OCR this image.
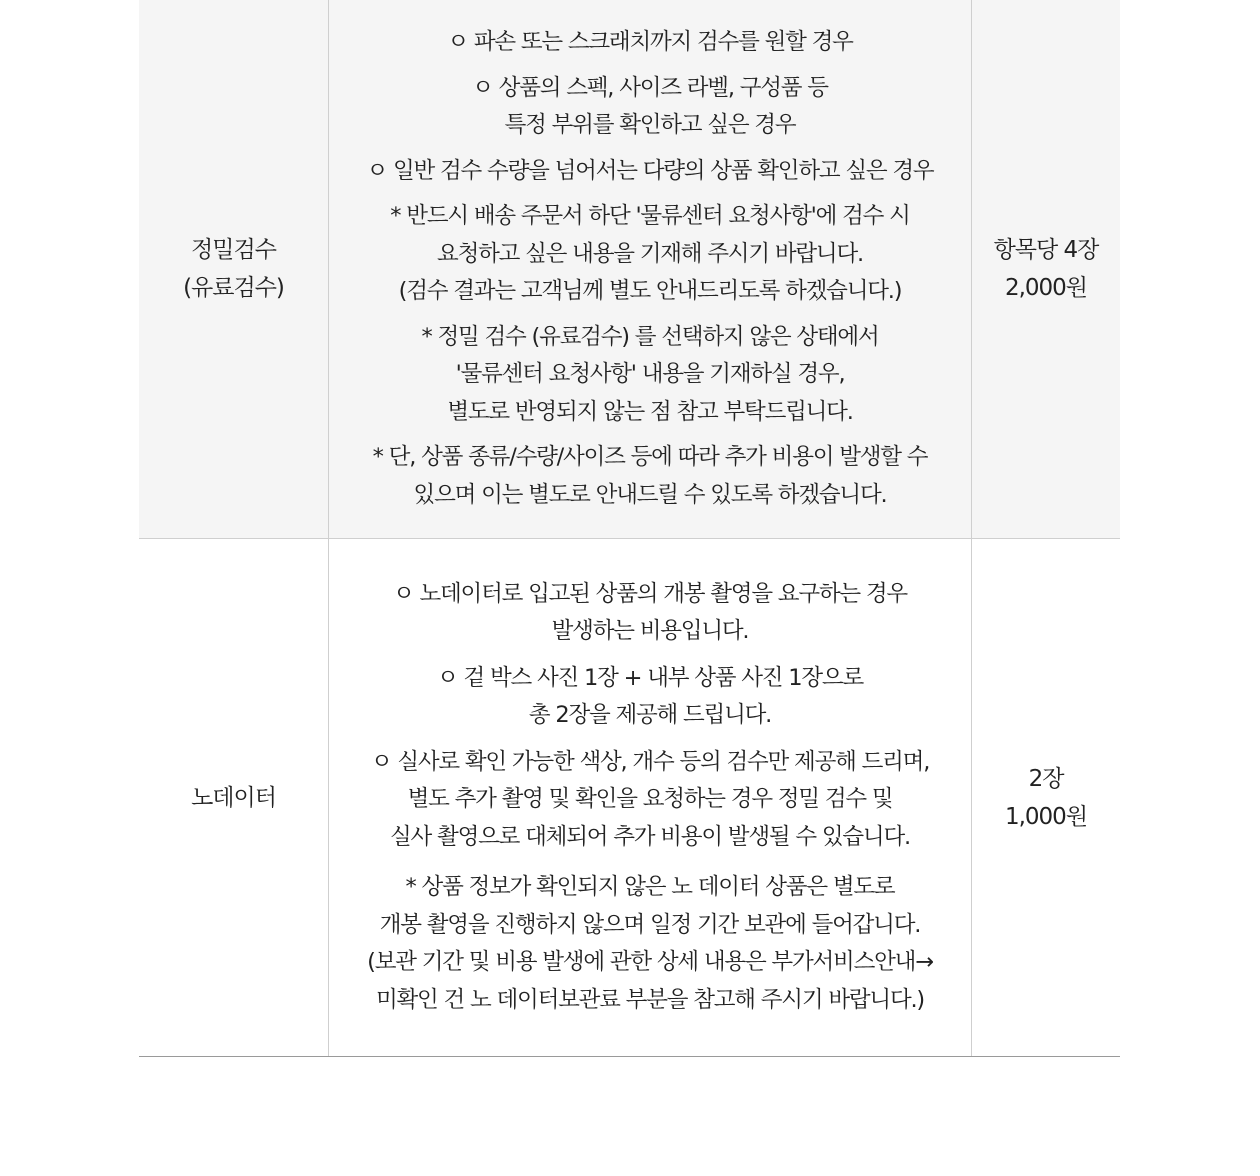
정밀검수
(유료검수)

ㅇ 파손 또는 스크래치까지 검수를 원할 경우

ㅇ 상품의 스펙, 사이즈 라벨, 구성품 등
특정 부위를 확인하고 싶은 경우

ㅇ 일반 검수 수량을 넘어서는 다량의 상품 확인하고 싶은 경우

* 반드시 배송 주문서 하단 '물류센터 요청사항'에 검수 시
요청하고 싶은 내용을 기재해 주시기 바랍니다.
(검수 결과는 고객님께 별도 안내드리도록 하겠습니다.)

* 정밀 검수 (유료검수) 를 선택하지 않은 상태에서
'물류센터 요청사항' 내용을 기재하실 경우,
별도로 반영되지 않는 점 참고 부탁드립니다.

* 단, 상품 종류/수량/사이즈 등에 따라 추가 비용이 발생할 수
있으며 이는 별도로 안내드릴 수 있도록 하겠습니다.

항목당 4장
2,000원
노데이터

ㅇ 노데이터로 입고된 상품의 개봉 촬영을 요구하는 경우
발생하는 비용입니다.

ㅇ 겉 박스 사진 1장 + 내부 상품 사진 1장으로
총 2장을 제공해 드립니다.

ㅇ 실사로 확인 가능한 색상, 개수 등의 검수만 제공해 드리며,
별도 추가 촬영 및 확인을 요청하는 경우 정밀 검수 및
실사 촬영으로 대체되어 추가 비용이 발생될 수 있습니다.

* 상품 정보가 확인되지 않은 노 데이터 상품은 별도로
개봉 촬영을 진행하지 않으며 일정 기간 보관에 들어갑니다.
(보관 기간 및 비용 발생에 관한 상세 내용은 부가서비스안내→
미확인 건 노 데이터보관료 부분을 참고해 주시기 바랍니다.)

2장
1,000원
